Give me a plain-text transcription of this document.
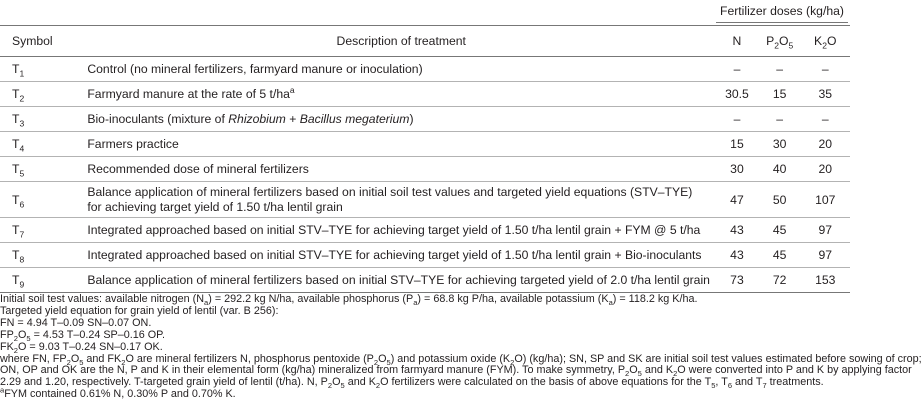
Fertilizer doses (kg/ha)
Symbol	Description of treatment	N	$P_2O_5$	$K_2O$
$T_1$	Control (no mineral fertilizers, farmyard manure or inoculation)	–	–	–
$T_2$	Farmyard manure at the rate of 5 $t/ha^a$	30.5	15	35
$T_3$	Bio-inoculants (mixture of Rhizobium + Bacillus megaterium)	–	–	–
$T_4$	Farmers practice	15	30	20
$T_5$	Recommended dose of mineral fertilizers	30	40	20
$T_6$	Balance application of mineral fertilizers based on initial soil test values and targeted yield equations (STV–TYE)
for achieving target yield of 1.50 t/ha lentil grain	47	50	107
$T_7$	Integrated approached based on initial STV–TYE for achieving target yield of 1.50 t/ha lentil grain + FYM @ 5 t/ha	43	45	97
$T_8$	Integrated approached based on initial STV–TYE for achieving target yield of 1.50 t/ha lentil grain + Bio-inoculants	43	45	97
$T_9$	Balance application of mineral fertilizers based on initial STV–TYE for achieving targeted yield of 2.0 t/ha lentil grain	73	72	153
Initial soil test values: available nitrogen $(N_a) = 292.2$ kg N/ha, available phosphorus $(P_a) = 68.8$ kg P/ha, available potassium $(K_a) = 118.2$ kg K/ha.
Targeted yield equation for grain yield of lentil (var. B 256):
FN = 4.94 T–0.09 SN–0.07 ON.
$FP_2O_5 = 4.53$ T–0.24 SP–0.16 OP.
$FK_2O = 9.03$ T–0.24 SN–0.17 OK.
where FN, $FP_2O_5$ and $FK_2O$ are mineral fertilizers N, phosphorus pentoxide $(P_2O_5)$ and potassium oxide $(K_2O)$ (kg/ha); SN, SP and SK are initial soil test values estimated before sowing of crop;
ON, OP and OK are the N, P and K in their elemental form (kg/ha) mineralized from farmyard manure (FYM). To make symmetry, $P_2O_5$ and $K_2O$ were converted into P and K by applying factor
2.29 and 1.20, respectively. T-targeted grain yield of lentil (t/ha). N, $P_2O_5$ and $K_2O$ fertilizers were calculated on the basis of above equations for the $T_5$, $T_6$ and $T_7$ treatments.
$^a$FYM contained 0.61% N, 0.30% P and 0.70% K.
